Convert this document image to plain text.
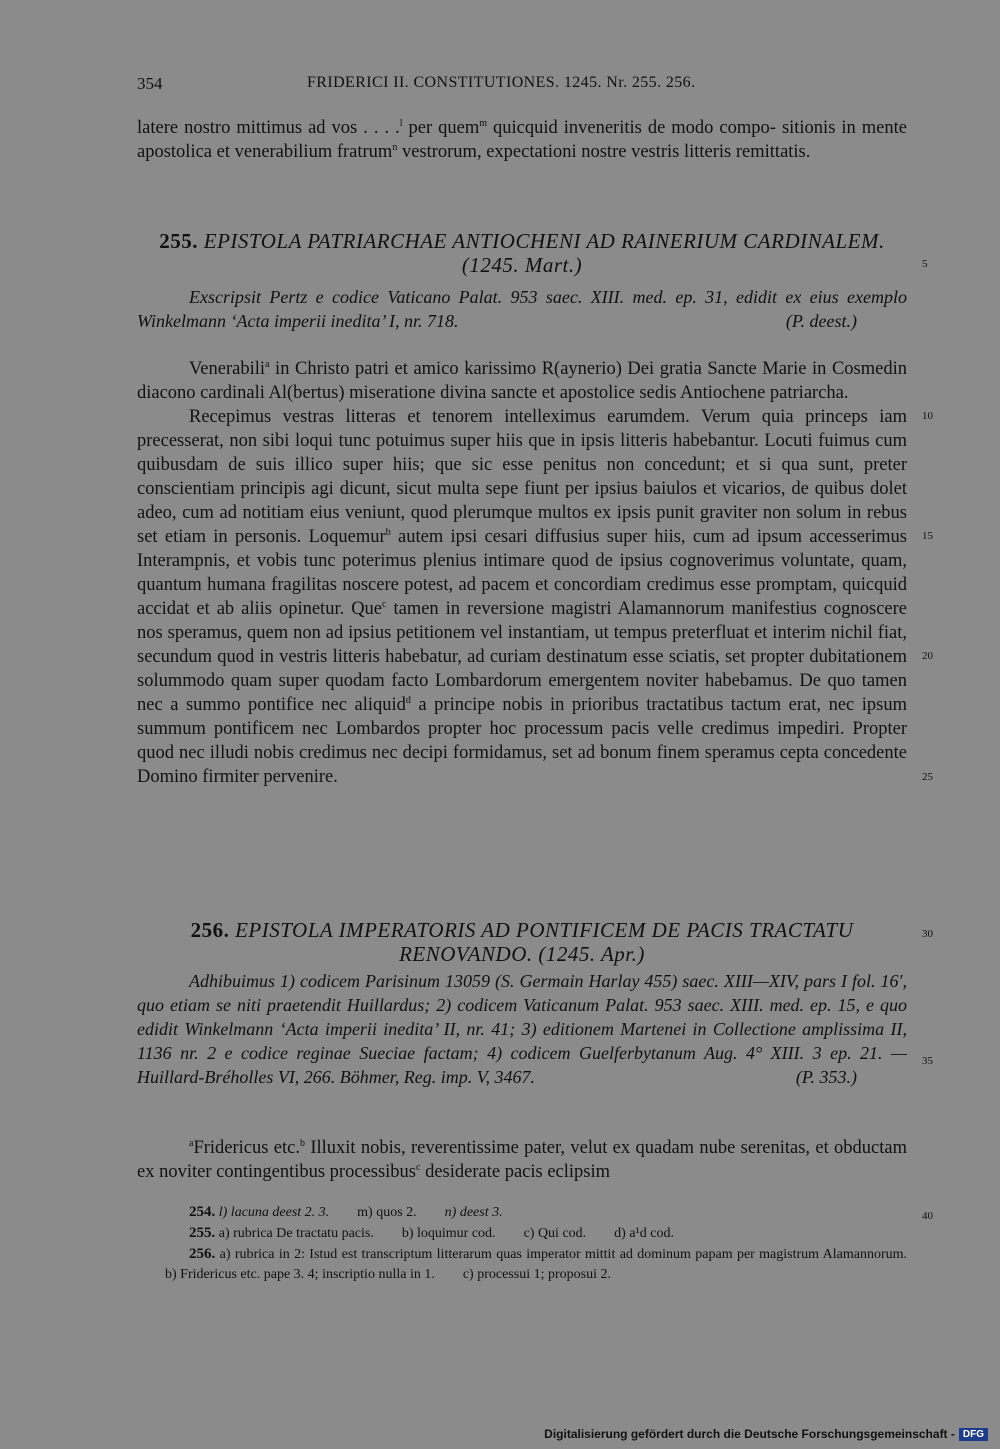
354	FRIDERICI II. CONSTITUTIONES. 1245. Nr. 255. 256.

latere nostro mittimus ad vos . . . .$^l$ per quem$^m$ quicquid inveneritis de modo compo- sitionis in mente apostolica et venerabilium fratrum$^n$ vestrorum, expectationi nostre vestris litteris remittatis.

255. EPISTOLA PATRIARCHAE ANTIOCHENI AD RAINERIUM CARDINALEM. (1245. Mart.)

Exscripsit Pertz e codice Vaticano Palat. 953 saec. XIII. med. ep. 31, edidit ex eius exemplo Winkelmann ‘Acta imperii inedita’ I, nr. 718.	(P. deest.)

Venerabili$^a$ in Christo patri et amico karissimo R(aynerio) Dei gratia Sancte Marie in Cosmedin diacono cardinali Al(bertus) miseratione divina sancte et apostolice sedis Antiochene patriarcha.

Recepimus vestras litteras et tenorem intelleximus earumdem. Verum quia princeps iam precesserat, non sibi loqui tunc potuimus super hiis que in ipsis litteris habebantur. Locuti fuimus cum quibusdam de suis illico super hiis; que sic esse penitus non concedunt; et si qua sunt, preter conscientiam principis agi dicunt, sicut multa sepe fiunt per ipsius baiulos et vicarios, de quibus dolet adeo, cum ad notitiam eius veniunt, quod plerumque multos ex ipsis punit graviter non solum in rebus set etiam in personis. Loquemur$^b$ autem ipsi cesari diffusius super hiis, cum ad ipsum accesserimus Interampnis, et vobis tunc poterimus plenius intimare quod de ipsius cognoverimus voluntate, quam, quantum humana fragilitas noscere potest, ad pacem et concordiam credimus esse promptam, quicquid accidat et ab aliis opinetur. Que$^c$ tamen in reversione magistri Alamannorum manifestius cognoscere nos speramus, quem non ad ipsius petitionem vel instantiam, ut tempus preterfluat et interim nichil fiat, secundum quod in vestris litteris habebatur, ad curiam destinatum esse sciatis, set propter dubitationem solummodo quam super quodam facto Lombardorum emergentem noviter habebamus. De quo tamen nec a summo pontifice nec aliquid$^d$ a principe nobis in prioribus tractatibus tactum erat, nec ipsum summum pontificem nec Lombardos propter hoc processum pacis velle credimus impediri. Propter quod nec illudi nobis credimus nec decipi formidamus, set ad bonum finem speramus cepta concedente Domino firmiter pervenire.

256. EPISTOLA IMPERATORIS AD PONTIFICEM DE PACIS TRACTATU RENOVANDO. (1245. Apr.)

Adhibuimus 1) codicem Parisinum 13059 (S. Germain Harlay 455) saec. XIII—XIV, pars I fol. 16′, quo etiam se niti praetendit Huillardus; 2) codicem Vaticanum Palat. 953 saec. XIII. med. ep. 15, e quo edidit Winkelmann ‘Acta imperii inedita’ II, nr. 41; 3) editionem Martenei in Collectione amplissima II, 1136 nr. 2 e codice reginae Sueciae factam; 4) codicem Guelferbytanum Aug. 4° XIII. 3 ep. 21. — Huillard-Bréholles VI, 266. Böhmer, Reg. imp. V, 3467.	(P. 353.)

$^a$Fridericus etc.$^b$ Illuxit nobis, reverentissime pater, velut ex quadam nube serenitas, et obductam ex noviter contingentibus processibus$^c$ desiderate pacis eclipsim

5
10
15
20
25
30
35
40

254. l) lacuna deest 2. 3. m) quos 2. n) deest 3.

255. a) rubrica De tractatu pacis. b) loquimur cod. c) Qui cod. d) a¹d cod.

256. a) rubrica in 2: Istud est transcriptum litterarum quas imperator mittit ad dominum papam per magistrum Alamannorum.b) Fridericus etc. pape 3. 4; inscriptio nulla in 1. c) processui 1; proposui 2.

Digitalisierung gefördert durch die Deutsche Forschungsgemeinschaft - DFG
